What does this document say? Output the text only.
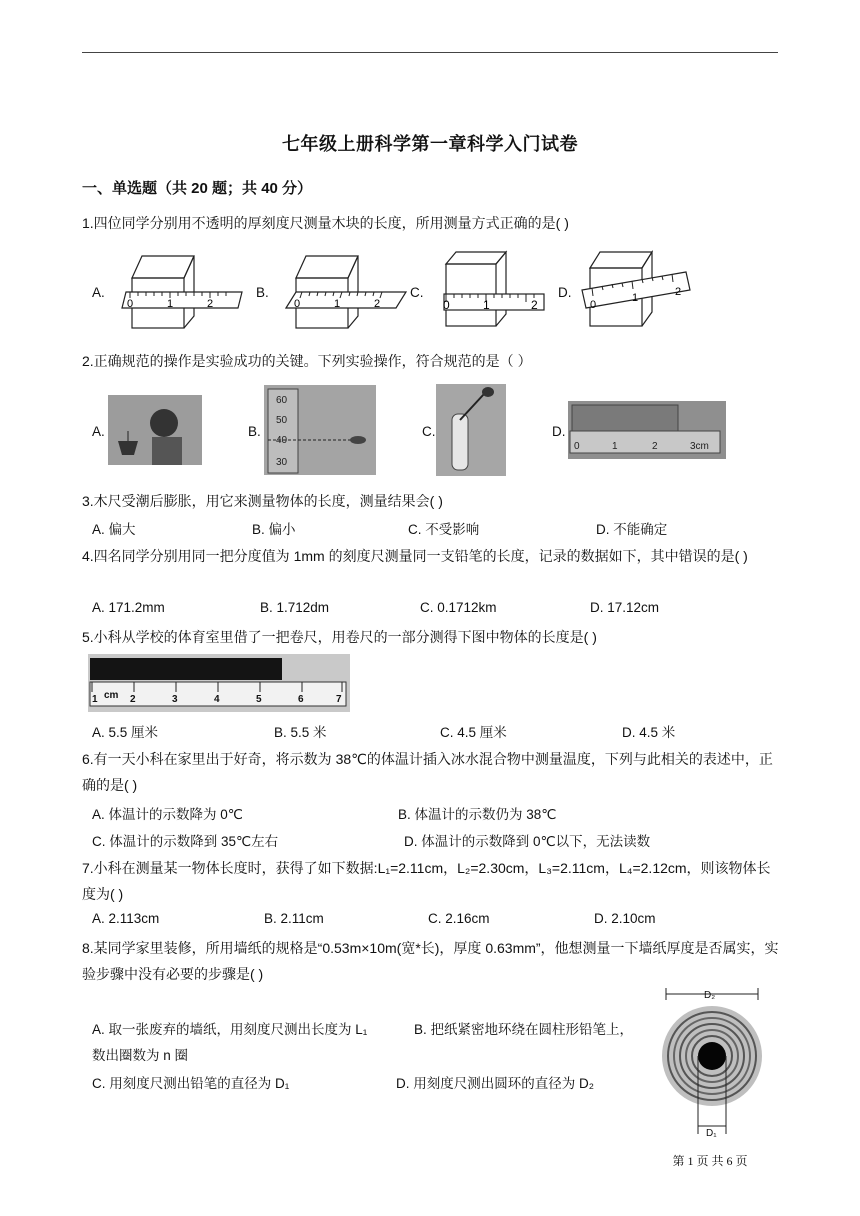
七年级上册科学第一章科学入门试卷
一、单选题（共 20 题；共 40 分）
1.四位同学分别用不透明的厚刻度尺测量木块的长度，所用测量方式正确的是( )
A.	B.	C.	D.
0	1	2	0	1	2	0	1	2	0
1	2
2.正确规范的操作是实验成功的关键。下列实验操作，符合规范的是（ ）
A.	B.	C.	D.
60
50
40
30
0	1	2	3cm
3.木尺受潮后膨胀，用它来测量物体的长度，测量结果会( )
A. 偏大	B. 偏小	C. 不受影响	D. 不能确定
4.四名同学分别用同一把分度值为 1mm 的刻度尺测量同一支铅笔的长度，记录的数据如下，其中错误的是( )
A. 171.2mm	B. 1.712dm	C. 0.1712km	D. 17.12cm
5.小科从学校的体育室里借了一把卷尺，用卷尺的一部分测得下图中物体的长度是( )
1 cm 2	3	4	5	6	7
A. 5.5 厘米	B. 5.5 米	C. 4.5 厘米	D. 4.5 米
6.有一天小科在家里出于好奇，将示数为 38℃的体温计插入冰水混合物中测量温度，下列与此相关的表述中，正确的是( )
A. 体温计的示数降为 0℃	B. 体温计的示数仍为 38℃
C. 体温计的示数降到 35℃左右	D. 体温计的示数降到 0℃以下，无法读数
7.小科在测量某一物体长度时，获得了如下数据:L₁=2.11cm，L₂=2.30cm，L₃=2.11cm，L₄=2.12cm，则该物体长度为( )
A. 2.113cm	B. 2.11cm	C. 2.16cm	D. 2.10cm
8.某同学家里装修，所用墙纸的规格是“0.53m×10m(宽*长)，厚度 0.63mm”，他想测量一下墙纸厚度是否属实，实验步骤中没有必要的步骤是( )
A. 取一张废弃的墙纸，用刻度尺测出长度为 L₁	B. 把纸紧密地环绕在圆柱形铅笔上，
数出圈数为 n 圈
C. 用刻度尺测出铅笔的直径为 D₁	D. 用刻度尺测出圆环的直径为 D₂
D₂
D₁
第 1 页 共 6 页
